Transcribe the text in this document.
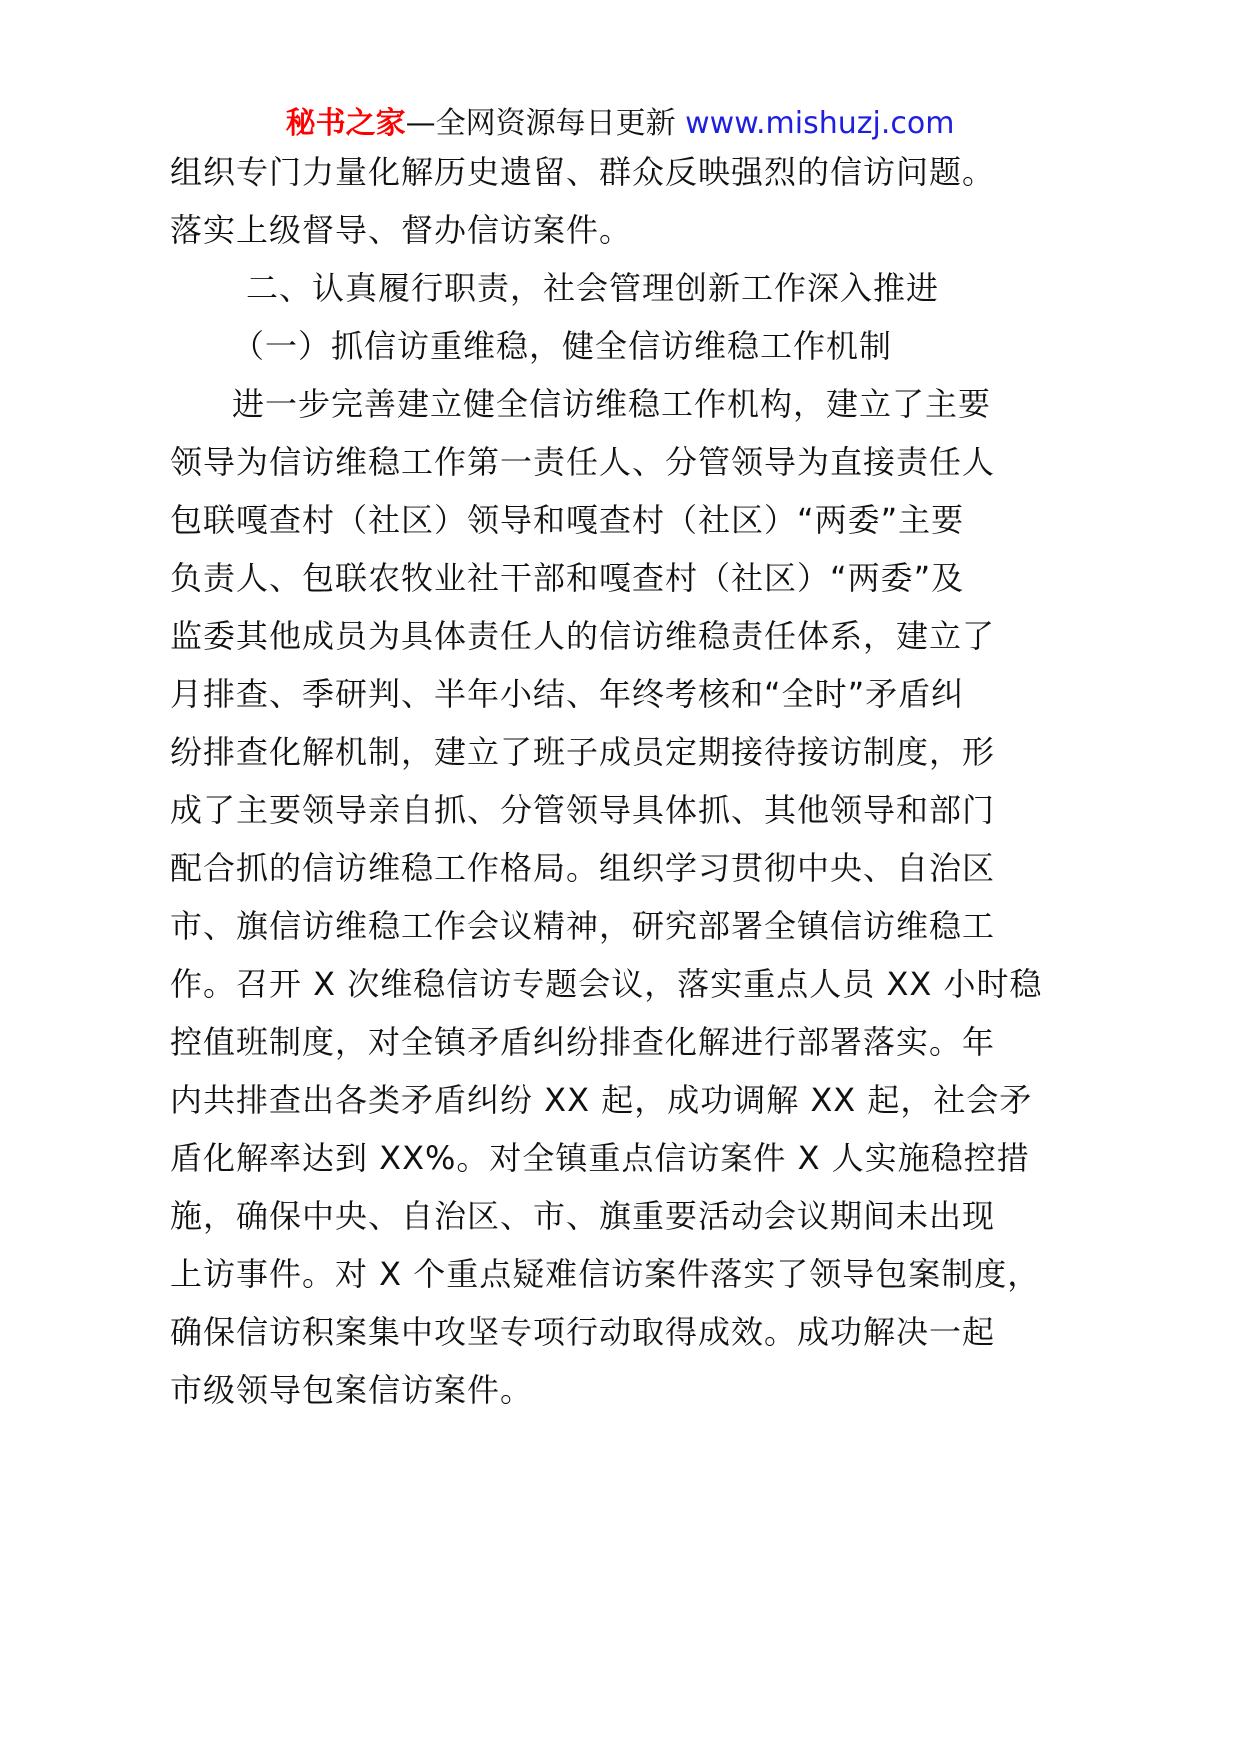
秘书之家—全网资源每日更新 www.mishuzj.com
组织专门力量化解历史遗留、群众反映强烈的信访问题。
落实上级督导、督办信访案件。
二、认真履行职责，社会管理创新工作深入推进
（一）抓信访重维稳，健全信访维稳工作机制
进一步完善建立健全信访维稳工作机构，建立了主要
领导为信访维稳工作第一责任人、分管领导为直接责任人
包联嘎查村（社区）领导和嘎查村（社区）“两委”主要
负责人、包联农牧业社干部和嘎查村（社区）“两委”及
监委其他成员为具体责任人的信访维稳责任体系，建立了
月排查、季研判、半年小结、年终考核和“全时”矛盾纠
纷排查化解机制，建立了班子成员定期接待接访制度，形
成了主要领导亲自抓、分管领导具体抓、其他领导和部门
配合抓的信访维稳工作格局。组织学习贯彻中央、自治区
市、旗信访维稳工作会议精神，研究部署全镇信访维稳工
作。召开 X 次维稳信访专题会议，落实重点人员 XX 小时稳
控值班制度，对全镇矛盾纠纷排查化解进行部署落实。年
内共排查出各类矛盾纠纷 XX 起，成功调解 XX 起，社会矛
盾化解率达到 XX%。对全镇重点信访案件 X 人实施稳控措
施，确保中央、自治区、市、旗重要活动会议期间未出现
上访事件。对 X 个重点疑难信访案件落实了领导包案制度，
确保信访积案集中攻坚专项行动取得成效。成功解决一起
市级领导包案信访案件。
